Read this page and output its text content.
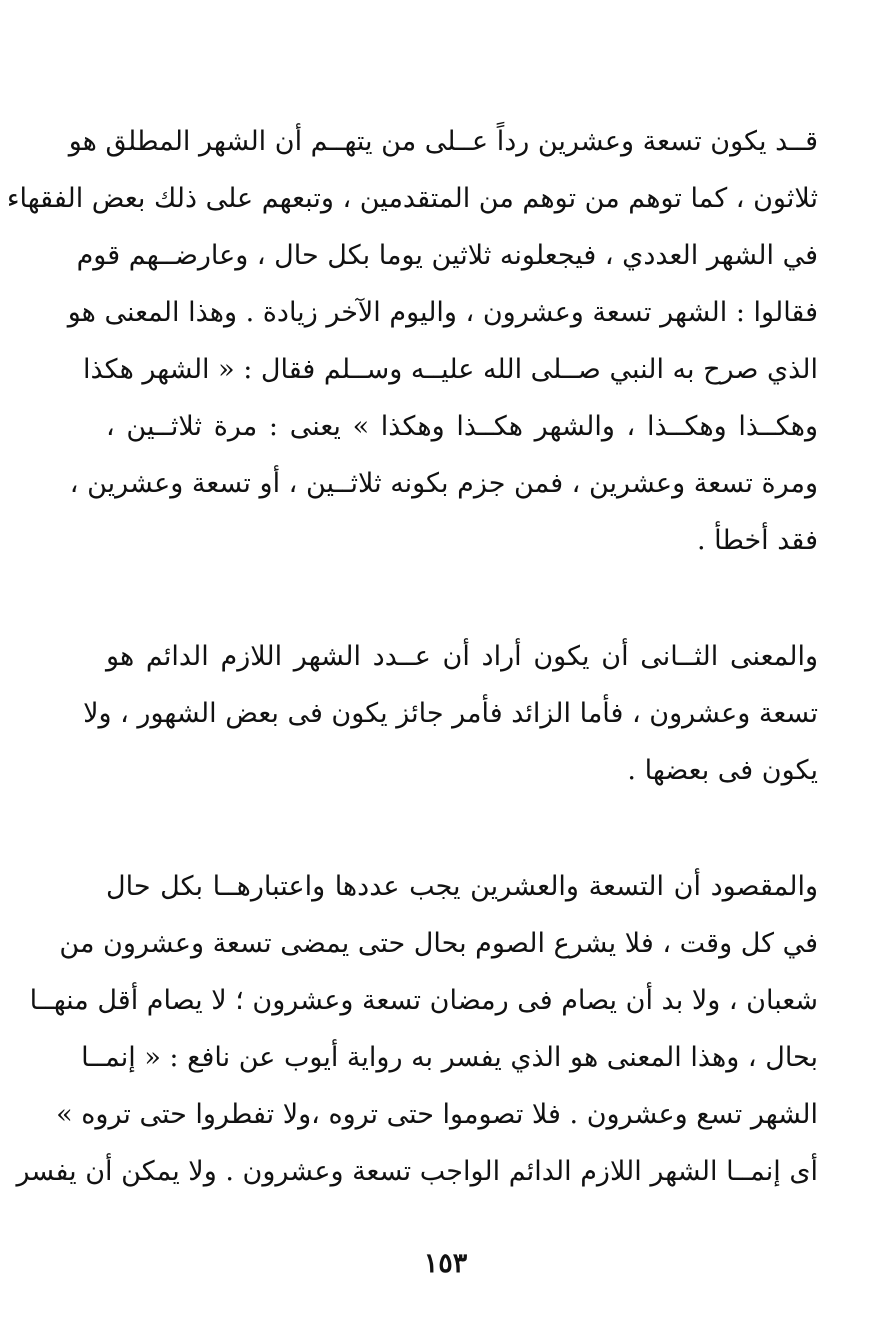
قــد يكون تسعة وعشرين رداً عــلى من يتهــم أن الشهر المطلق هو
ثلاثون ، كما توهم من توهم من المتقدمين ، وتبعهم على ذلك بعض الفقهاء
في الشهر العددي ، فيجعلونه ثلاثين يوما بكل حال ، وعارضــهم قوم
فقالوا : الشهر تسعة وعشرون ، واليوم الآخر زيادة . وهذا المعنى هو
الذي صرح به النبي صــلى الله عليــه وســلم فقال : « الشهر هكذا
وهكــذا وهكــذا ، والشهر هكــذا وهكذا » يعنى : مرة ثلاثــين ،
ومرة تسعة وعشرين ، فمن جزم بكونه ثلاثــين ، أو تسعة وعشرين ،
فقد أخطأ .
والمعنى الثــانى أن يكون أراد أن عــدد الشهر اللازم الدائم هو
تسعة وعشرون ، فأما الزائد فأمر جائز يكون فى بعض الشهور ، ولا
يكون فى بعضها .
والمقصود أن التسعة والعشرين يجب عددها واعتبارهــا بكل حال
في كل وقت ، فلا يشرع الصوم بحال حتى يمضى تسعة وعشرون من
شعبان ، ولا بد أن يصام فى رمضان تسعة وعشرون ؛ لا يصام أقل منهــا
بحال ، وهذا المعنى هو الذي يفسر به رواية أيوب عن نافع : « إنمــا
الشهر تسع وعشرون . فلا تصوموا حتى تروه ،ولا تفطروا حتى تروه »
أى إنمــا الشهر اللازم الدائم الواجب تسعة وعشرون . ولا يمكن أن يفسر
١٥٣
